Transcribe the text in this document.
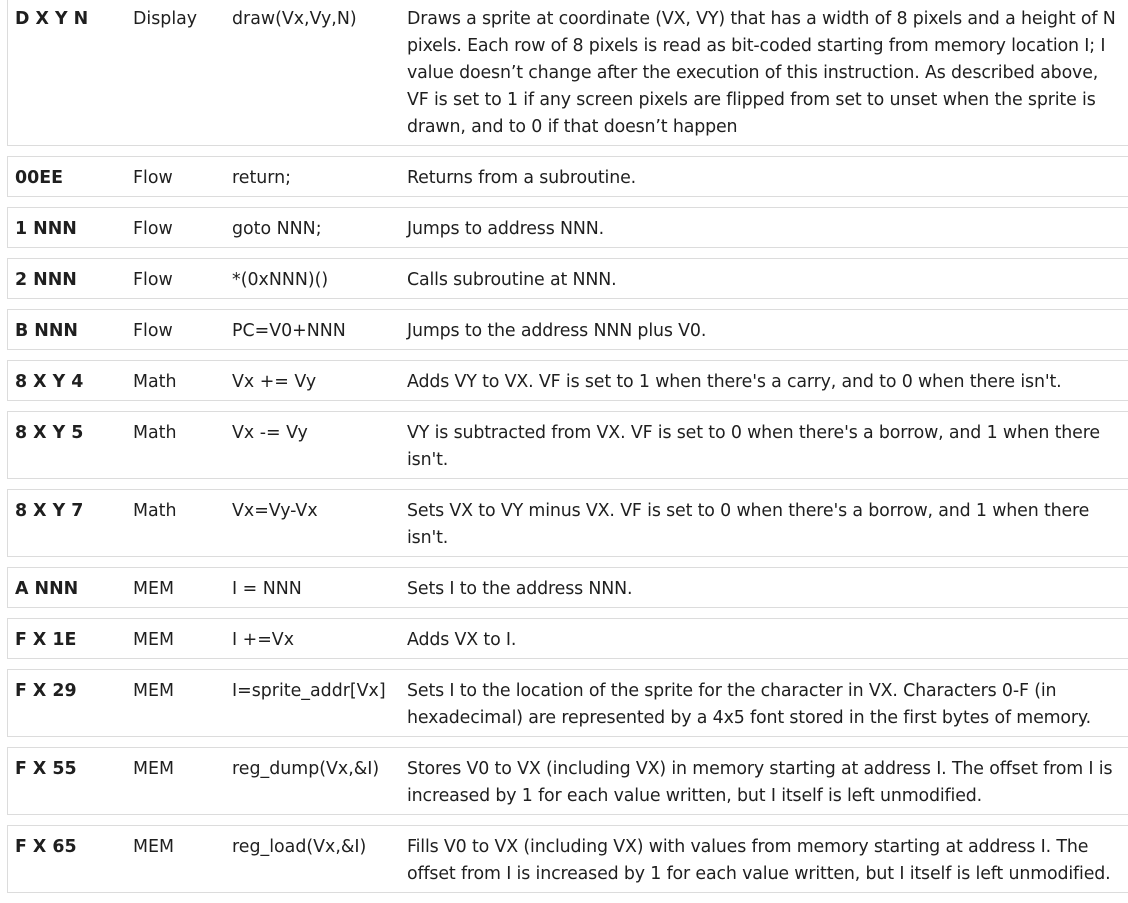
D X Y N	Display	draw(Vx,Vy,N)	Draws a sprite at coordinate (VX, VY) that has a width of 8 pixels and a height of N pixels. Each row of 8 pixels is read as bit-coded starting from memory location I; I value doesn’t change after the execution of this instruction. As described above, VF is set to 1 if any screen pixels are flipped from set to unset when the sprite is drawn, and to 0 if that doesn’t happen
00EE	Flow	return;	Returns from a subroutine.
1 NNN	Flow	goto NNN;	Jumps to address NNN.
2 NNN	Flow	*(0xNNN)()	Calls subroutine at NNN.
B NNN	Flow	PC=V0+NNN	Jumps to the address NNN plus V0.
8 X Y 4	Math	Vx += Vy	Adds VY to VX. VF is set to 1 when there's a carry, and to 0 when there isn't.
8 X Y 5	Math	Vx -= Vy	VY is subtracted from VX. VF is set to 0 when there's a borrow, and 1 when there isn't.
8 X Y 7	Math	Vx=Vy-Vx	Sets VX to VY minus VX. VF is set to 0 when there's a borrow, and 1 when there isn't.
A NNN	MEM	I = NNN	Sets I to the address NNN.
F X 1E	MEM	I +=Vx	Adds VX to I.
F X 29	MEM	I=sprite_addr[Vx]	Sets I to the location of the sprite for the character in VX. Characters 0-F (in hexadecimal) are represented by a 4x5 font stored in the first bytes of memory.
F X 55	MEM	reg_dump(Vx,&I)	Stores V0 to VX (including VX) in memory starting at address I. The offset from I is increased by 1 for each value written, but I itself is left unmodified.
F X 65	MEM	reg_load(Vx,&I)	Fills V0 to VX (including VX) with values from memory starting at address I. The offset from I is increased by 1 for each value written, but I itself is left unmodified.
